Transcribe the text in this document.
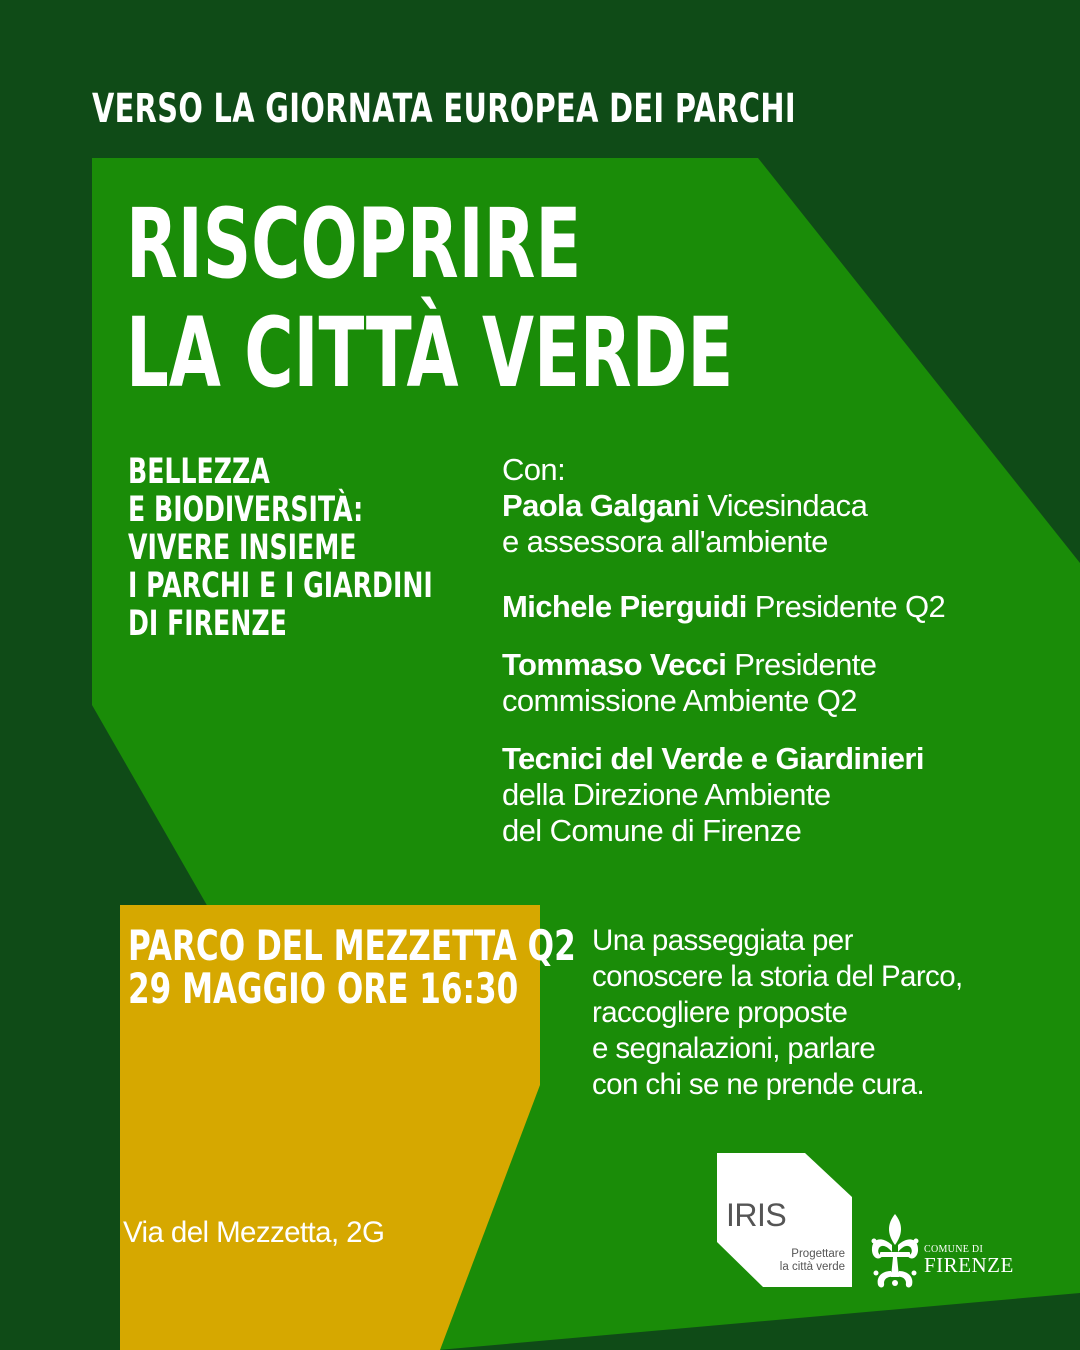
VERSO LA GIORNATA EUROPEA DEI PARCHI
RISCOPRIRE
LA CITTÀ VERDE
BELLEZZA
E BIODIVERSITÀ:
VIVERE INSIEME
I PARCHI E I GIARDINI
DI FIRENZE
Con:
Paola Galgani Vicesindaca
e assessora all'ambiente
Michele Pierguidi Presidente Q2
Tommaso Vecci Presidente
commissione Ambiente Q2
Tecnici del Verde e Giardinieri
della Direzione Ambiente
del Comune di Firenze
PARCO DEL MEZZETTA Q2
29 MAGGIO ORE 16:30
Una passeggiata per
conoscere la storia del Parco,
raccogliere proposte
e segnalazioni, parlare
con chi se ne prende cura.
Via del Mezzetta, 2G	IRIS
Progettare
la città verde
COMUNE DI
FIRENZE
